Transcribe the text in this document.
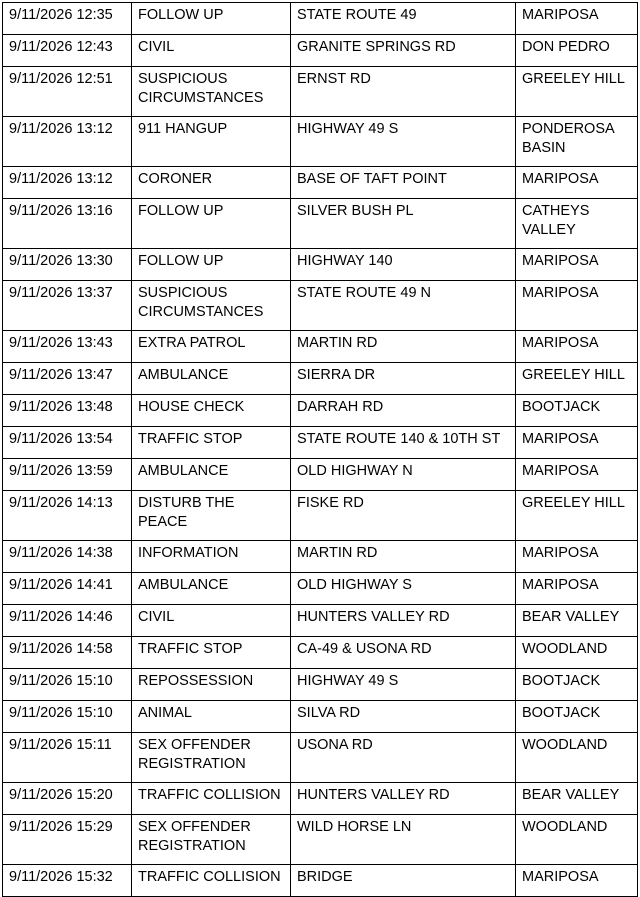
9/11/2026 12:35	FOLLOW UP	STATE ROUTE 49	MARIPOSA
9/11/2026 12:43	CIVIL	GRANITE SPRINGS RD	DON PEDRO
9/11/2026 12:51	SUSPICIOUS CIRCUMSTANCES	ERNST RD	GREELEY HILL
9/11/2026 13:12	911 HANGUP	HIGHWAY 49 S	PONDEROSA BASIN
9/11/2026 13:12	CORONER	BASE OF TAFT POINT	MARIPOSA
9/11/2026 13:16	FOLLOW UP	SILVER BUSH PL	CATHEYS VALLEY
9/11/2026 13:30	FOLLOW UP	HIGHWAY 140	MARIPOSA
9/11/2026 13:37	SUSPICIOUS CIRCUMSTANCES	STATE ROUTE 49 N	MARIPOSA
9/11/2026 13:43	EXTRA PATROL	MARTIN RD	MARIPOSA
9/11/2026 13:47	AMBULANCE	SIERRA DR	GREELEY HILL
9/11/2026 13:48	HOUSE CHECK	DARRAH RD	BOOTJACK
9/11/2026 13:54	TRAFFIC STOP	STATE ROUTE 140 & 10TH ST	MARIPOSA
9/11/2026 13:59	AMBULANCE	OLD HIGHWAY N	MARIPOSA
9/11/2026 14:13	DISTURB THE PEACE	FISKE RD	GREELEY HILL
9/11/2026 14:38	INFORMATION	MARTIN RD	MARIPOSA
9/11/2026 14:41	AMBULANCE	OLD HIGHWAY S	MARIPOSA
9/11/2026 14:46	CIVIL	HUNTERS VALLEY RD	BEAR VALLEY
9/11/2026 14:58	TRAFFIC STOP	CA-49 & USONA RD	WOODLAND
9/11/2026 15:10	REPOSSESSION	HIGHWAY 49 S	BOOTJACK
9/11/2026 15:10	ANIMAL	SILVA RD	BOOTJACK
9/11/2026 15:11	SEX OFFENDER REGISTRATION	USONA RD	WOODLAND
9/11/2026 15:20	TRAFFIC COLLISION	HUNTERS VALLEY RD	BEAR VALLEY
9/11/2026 15:29	SEX OFFENDER REGISTRATION	WILD HORSE LN	WOODLAND
9/11/2026 15:32	TRAFFIC COLLISION	BRIDGE	MARIPOSA
